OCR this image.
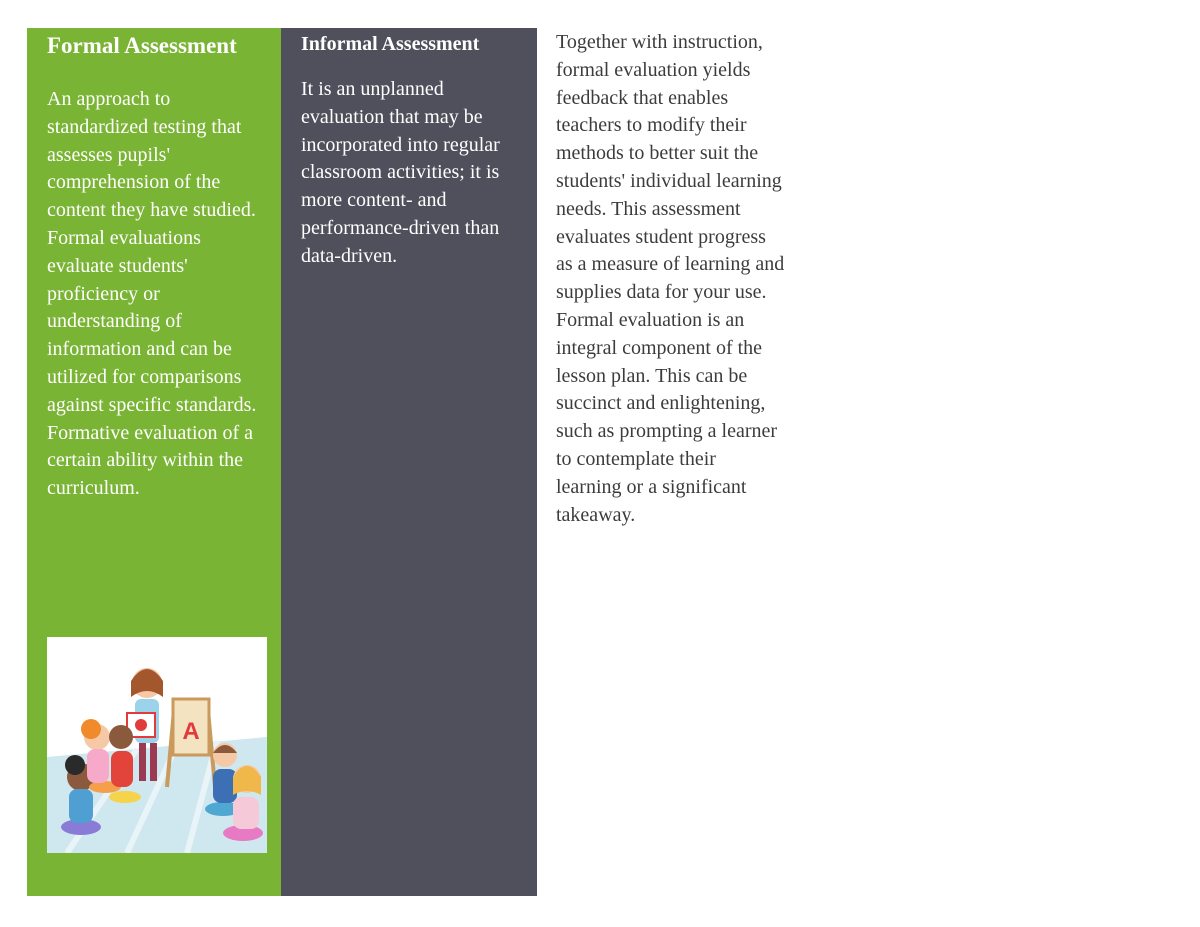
Formal Assessment

An approach to standardized testing that assesses pupils' comprehension of the content they have studied. Formal evaluations evaluate students' proficiency or understanding of information and can be utilized for comparisons against specific standards. Formative evaluation of a certain ability within the curriculum.

A
Informal Assessment

It is an unplanned evaluation that may be incorporated into regular classroom activities; it is more content- and performance-driven than data-driven.

Together with instruction, formal evaluation yields feedback that enables teachers to modify their methods to better suit the students' individual learning needs. This assessment evaluates student progress as a measure of learning and supplies data for your use. Formal evaluation is an integral component of the lesson plan. This can be succinct and enlightening, such as prompting a learner to contemplate their learning or a significant takeaway.
